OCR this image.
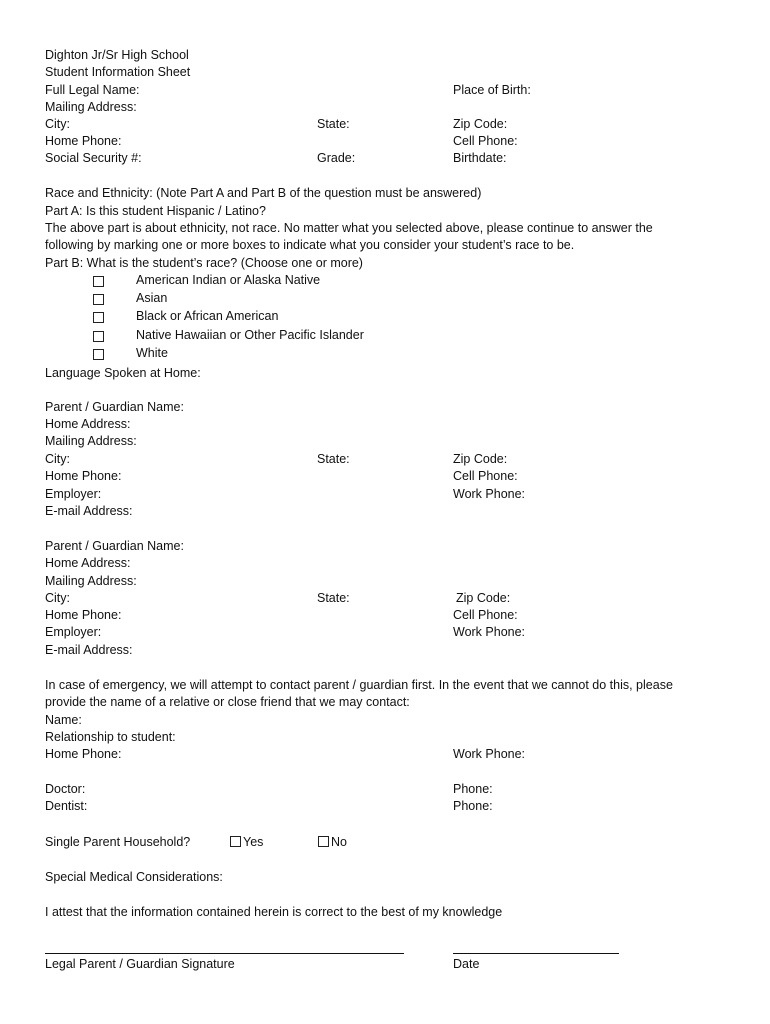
Dighton Jr/Sr High School
Student Information Sheet
Full Legal Name:	Place of Birth:
Mailing Address:
City:	State:	Zip Code:
Home Phone:	Cell Phone:
Social Security #:	Grade:	Birthdate:
Race and Ethnicity: (Note Part A and Part B of the question must be answered)
Part A: Is this student Hispanic / Latino?
The above part is about ethnicity, not race. No matter what you selected above, please continue to answer the
following by marking one or more boxes to indicate what you consider your student’s race to be.
Part B: What is the student’s race? (Choose one or more)
American Indian or Alaska Native
Asian
Black or African American
Native Hawaiian or Other Pacific Islander
White
Language Spoken at Home:
Parent / Guardian Name:
Home Address:
Mailing Address:
City:	State:	Zip Code:
Home Phone:	Cell Phone:
Employer:	Work Phone:
E-mail Address:
Parent / Guardian Name:
Home Address:
Mailing Address:
City:	State:	Zip Code:
Home Phone:	Cell Phone:
Employer:	Work Phone:
E-mail Address:
In case of emergency, we will attempt to contact parent / guardian first. In the event that we cannot do this, please
provide the name of a relative or close friend that we may contact:
Name:
Relationship to student:
Home Phone:	Work Phone:
Doctor:	Phone:
Dentist:	Phone:
Single Parent Household?	Yes	No
Special Medical Considerations:
I attest that the information contained herein is correct to the best of my knowledge
Legal Parent / Guardian Signature	Date
